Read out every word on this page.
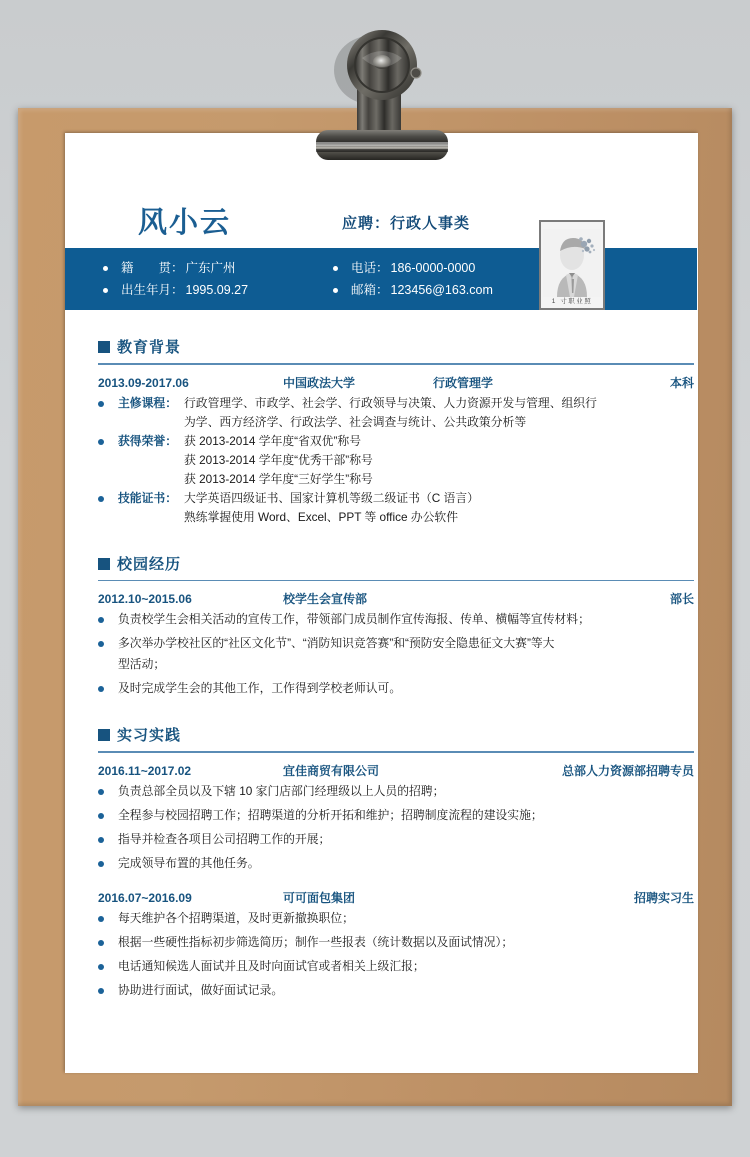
风小云	应聘：行政人事类
籍　　贯： 广东广州	电话： 186-0000-0000
出生年月： 1995.09.27	邮箱： 123456@163.com
1 寸职业照
教育背景
2013.09-2017.06	中国政法大学	行政管理学	本科
主修课程： 行政管理学、市政学、社会学、行政领导与决策、人力资源开发与管理、组织行
为学、西方经济学、行政法学、社会调查与统计、公共政策分析等
获得荣誉： 获 2013-2014 学年度“省双优”称号
获 2013-2014 学年度“优秀干部”称号
获 2013-2014 学年度“三好学生”称号
技能证书： 大学英语四级证书、国家计算机等级二级证书（C 语言）
熟练掌握使用 Word、Excel、PPT 等 office 办公软件
校园经历
2012.10~2015.06	校学生会宣传部	部长
负责校学生会相关活动的宣传工作，带领部门成员制作宣传海报、传单、横幅等宣传材料；
多次举办学校社区的“社区文化节”、“消防知识竞答赛”和“预防安全隐患征文大赛”等大
型活动；
及时完成学生会的其他工作，工作得到学校老师认可。
实习实践
2016.11~2017.02	宜佳商贸有限公司	总部人力资源部招聘专员
负责总部全员以及下辖 10 家门店部门经理级以上人员的招聘；
全程参与校园招聘工作；招聘渠道的分析开拓和维护；招聘制度流程的建设实施；
指导并检查各项目公司招聘工作的开展；
完成领导布置的其他任务。
2016.07~2016.09	可可面包集团	招聘实习生
每天维护各个招聘渠道，及时更新撤换职位；
根据一些硬性指标初步筛选简历；制作一些报表（统计数据以及面试情况）；
电话通知候选人面试并且及时向面试官或者相关上级汇报；
协助进行面试，做好面试记录。
